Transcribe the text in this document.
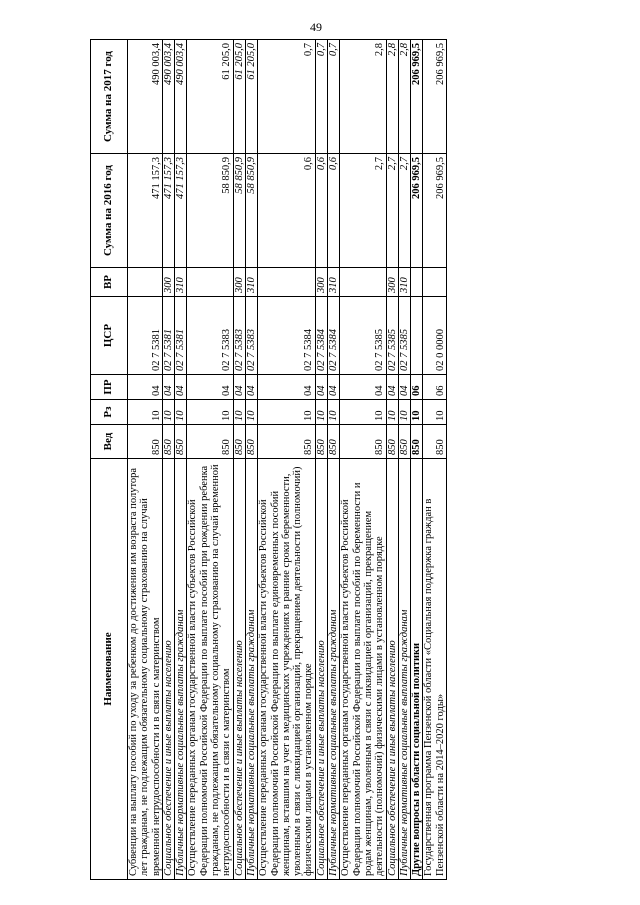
49
Наименование	Вед	Рз	ПР	ЦСР	ВР	Сумма на 2016 год	Сумма на 2017 год
Субвенции на выплату пособий по уходу за ребенком до достижения им возраста полутора лет гражданам, не подлежащим обязательному социальному страхованию на случай временной нетрудоспособности и в связи с материнством	850	10	04	02 7 5381		471 157,3	490 003,4
Социальное обеспечение и иные выплаты населению	850	10	04	02 7 5381	300	471 157,3	490 003,4
Публичные нормативные социальные выплаты гражданам	850	10	04	02 7 5381	310	471 157,3	490 003,4
Осуществление переданных органам государственной власти субъектов Российской Федерации полномочий Российской Федерации по выплате пособий при рождении ребенка гражданам, не подлежащим обязательному социальному страхованию на случай временной нетрудоспособности и в связи с материнством	850	10	04	02 7 5383		58 850,9	61 205,0
Социальное обеспечение и иные выплаты населению	850	10	04	02 7 5383	300	58 850,9	61 205,0
Публичные нормативные социальные выплаты гражданам	850	10	04	02 7 5383	310	58 850,9	61 205,0
Осуществление переданных органам государственной власти субъектов Российской Федерации полномочий Российской Федерации по выплате единовременных пособий женщинам, вставшим на учет в медицинских учреждениях в ранние сроки беременности, уволенным в связи с ликвидацией организаций, прекращением деятельности (полномочий) физическими лицами в установленном порядке	850	10	04	02 7 5384		0,6	0,7
Социальное обеспечение и иные выплаты населению	850	10	04	02 7 5384	300	0,6	0,7
Публичные нормативные социальные выплаты гражданам	850	10	04	02 7 5384	310	0,6	0,7
Осуществление переданных органам государственной власти субъектов Российской Федерации полномочий Российской Федерации по выплате пособий по беременности и родам женщинам, уволенным в связи с ликвидацией организаций, прекращением деятельности (полномочий) физическими лицами в установленном порядке	850	10	04	02 7 5385		2,7	2,8
Социальное обеспечение и иные выплаты населению	850	10	04	02 7 5385	300	2,7	2,8
Публичные нормативные социальные выплаты гражданам	850	10	04	02 7 5385	310	2,7	2,8
Другие вопросы в области социальной политики	850	10	06			206 969,5	206 969,5
Государственная программа Пензенской области «Социальная поддержка граждан в Пензенской области на 2014–2020 годы»	850	10	06	02 0 0000		206 969,5	206 969,5
